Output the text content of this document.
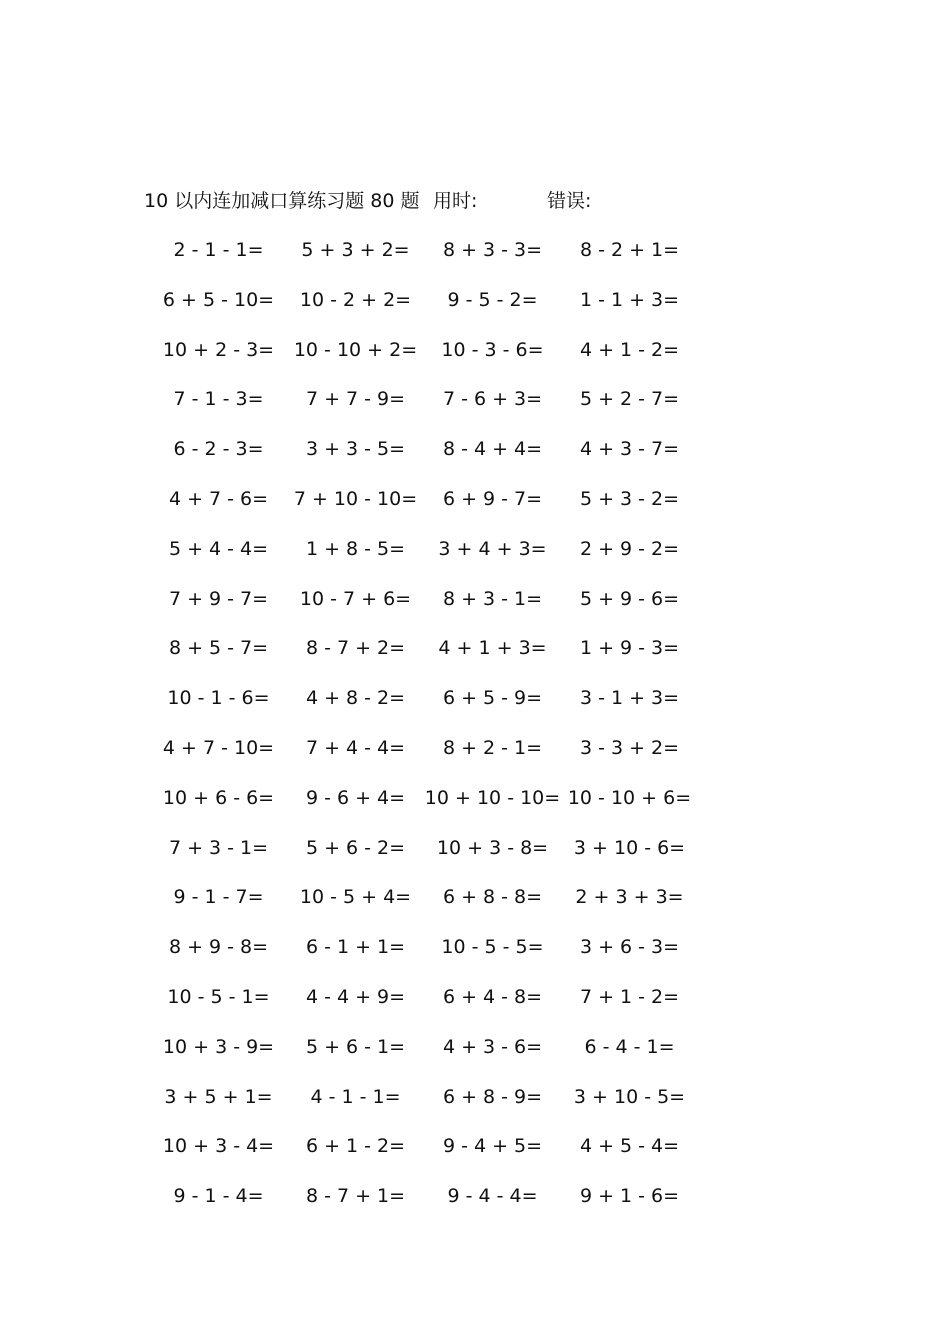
10 以内连加减口算练习题 80 题 用时:	错误:
2 - 1 - 1=	5 + 3 + 2=	8 + 3 - 3=	8 - 2 + 1=
6 + 5 - 10=	10 - 2 + 2=	9 - 5 - 2=	1 - 1 + 3=
10 + 2 - 3=	10 - 10 + 2=	10 - 3 - 6=	4 + 1 - 2=
7 - 1 - 3=	7 + 7 - 9=	7 - 6 + 3=	5 + 2 - 7=
6 - 2 - 3=	3 + 3 - 5=	8 - 4 + 4=	4 + 3 - 7=
4 + 7 - 6=	7 + 10 - 10=	6 + 9 - 7=	5 + 3 - 2=
5 + 4 - 4=	1 + 8 - 5=	3 + 4 + 3=	2 + 9 - 2=
7 + 9 - 7=	10 - 7 + 6=	8 + 3 - 1=	5 + 9 - 6=
8 + 5 - 7=	8 - 7 + 2=	4 + 1 + 3=	1 + 9 - 3=
10 - 1 - 6=	4 + 8 - 2=	6 + 5 - 9=	3 - 1 + 3=
4 + 7 - 10=	7 + 4 - 4=	8 + 2 - 1=	3 - 3 + 2=
10 + 6 - 6=	9 - 6 + 4=	10 + 10 - 10= 10 - 10 + 6=
7 + 3 - 1=	5 + 6 - 2=	10 + 3 - 8=	3 + 10 - 6=
9 - 1 - 7=	10 - 5 + 4=	6 + 8 - 8=	2 + 3 + 3=
8 + 9 - 8=	6 - 1 + 1=	10 - 5 - 5=	3 + 6 - 3=
10 - 5 - 1=	4 - 4 + 9=	6 + 4 - 8=	7 + 1 - 2=
10 + 3 - 9=	5 + 6 - 1=	4 + 3 - 6=	6 - 4 - 1=
3 + 5 + 1=	4 - 1 - 1=	6 + 8 - 9=	3 + 10 - 5=
10 + 3 - 4=	6 + 1 - 2=	9 - 4 + 5=	4 + 5 - 4=
9 - 1 - 4=	8 - 7 + 1=	9 - 4 - 4=	9 + 1 - 6=
